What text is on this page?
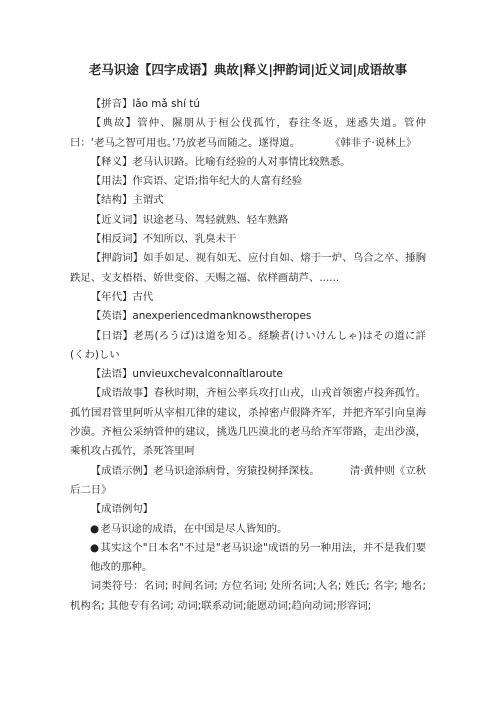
老马识途【四字成语】典故|释义|押韵词|近义词|成语故事

【拼音】lǎo mǎ shí tú

【典故】管仲、隰朋从于桓公伐孤竹，春往冬返，迷惑失道。管仲曰：‘老马之智可用也。’乃放老马而随之。遂得道。	《韩非子·说林上》

【释义】老马认识路。比喻有经验的人对事情比较熟悉。

【用法】作宾语、定语;指年纪大的人富有经验

【结构】主谓式

【近义词】识途老马、驾轻就熟、轻车熟路

【相反词】不知所以、乳臭未干

【押韵词】如手如足、视有如无、应付自如、熔于一炉、乌合之卒、捶胸跌足、支支梧梧、娇世变俗、天赐之福、依样画葫芦、......

【年代】古代

【英语】anexperiencedmanknowstheropes

【日语】老馬(ろうば)は道を知る。経験者(けいけんしゃ)はその道に詳(くわ)しい

【法语】unvieuxchevalconnaîtlaroute

【成语故事】春秋时期，齐桓公率兵攻打山戎，山戎首领密卢投奔孤竹。孤竹国君管里阿听从宰相兀律的建议，杀掉密卢假降齐军，并把齐军引向皇海沙漠。齐桓公采纳管仲的建议，挑选几匹漠北的老马给齐军带路，走出沙漠，乘机攻占孤竹，杀死答里呵

【成语示例】老马识途添病骨，穷猿投树择深枝。	清·黄仲则《立秋后二日》

【成语例句】

●老马识途的成语，在中国是尽人皆知的。

●其实这个"日本名"不过是"老马识途"成语的另一种用法，并不是我们要他改的那种。

词类符号：名词; 时间名词; 方位名词; 处所名词;人名; 姓氏; 名字; 地名; 机构名; 其他专有名词; 动词;联系动词;能愿动词;趋向动词;形容词;
